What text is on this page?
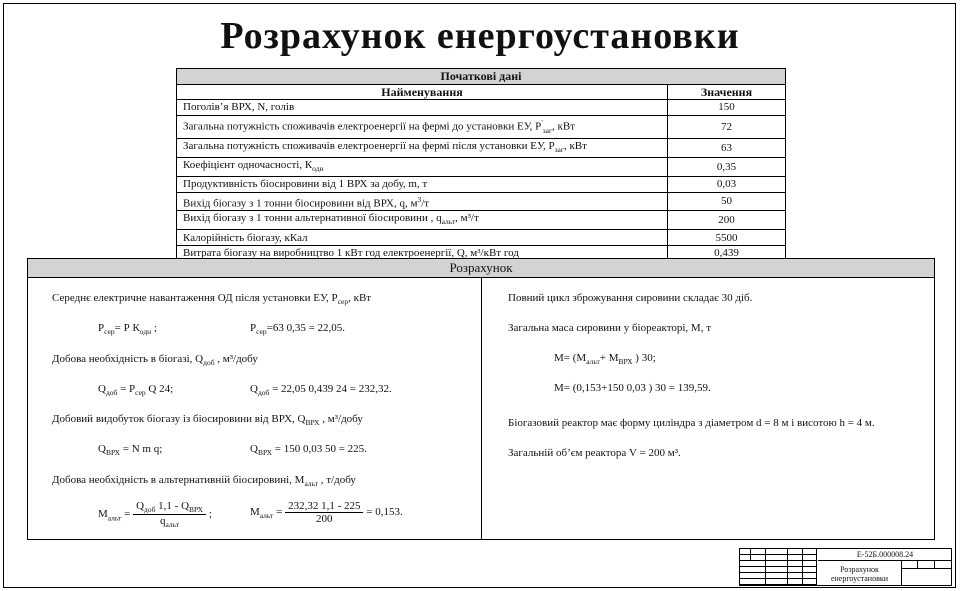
Розрахунок енергоустановки
Початкові дані	
Найменування	Значення
Поголів’я ВРХ, N, голів	150
Загальна потужність споживачів електроенергії на фермі до установки ЕУ, $Р'_{заг}$, кВт	72
Загальна потужність споживачів електроенергії на фермі після установки ЕУ, $Р_{заг}$, кВт	63
Коефіцієнт одночасності, $К_{одн}$	0,35
Продуктивність біосировини від 1 ВРХ за добу, m, т	0,03
Вихід біогазу з 1 тонни біосировини від ВРХ, q, $м^3/т$	50
Вихід біогазу з 1 тонни альтернативної біосировини , $q_{альт}$, м³/т	200
Калорійність біогазу, кКал	5500
Витрата біогазу на виробництво 1 кВт год електроенергії, Q, м³/кВт год	0,439
Розрахунок
Середнє електричне навантаження ОД після установки ЕУ, $Р_{сер}$, кВт
$Р_{сер}= Р$ $К_{одн}$ ;	$Р_{сер}=63$ 0,35 = 22,05.
Добова необхідність в біогазі, $Q_{доб}$ , м³/добу
$Q_{доб} = Р_{сер}$ Q 24;	$Q_{доб} = 22,05$ 0,439 24 = 232,32.
Добовий видобуток біогазу із біосировини від ВРХ, $Q_{ВРХ}$ , м³/добу
$Q_{ВРХ} = N$ m q;	$Q_{ВРХ} = 150$ 0,03 50 = 225.
Добова необхідність в альтернативній біосировині, $М_{альт}$ , т/добу
$М_{альт} = \frac{Q_{доб} 1,1 - Q_{ВРХ}}{q_{альт}}$ ;	$М_{альт} = \frac{232,32 1,1 - 225}{200} = 0,153$.
Повний цикл зброжування сировини складає 30 діб.
Загальна маса сировини у біореакторі, М, т
$М= (М_{альт}+ М_{ВРХ}$ ) 30;
М= (0,153+150 0,03 ) 30 = 139,59.
Біогазовий реактор має форму циліндра з діаметром d = 8 м і висотою h = 4 м.
Загальній об’єм реактора V = 200 м³.
Е-52Б.000008.24
Розрахунок енергоустановки
